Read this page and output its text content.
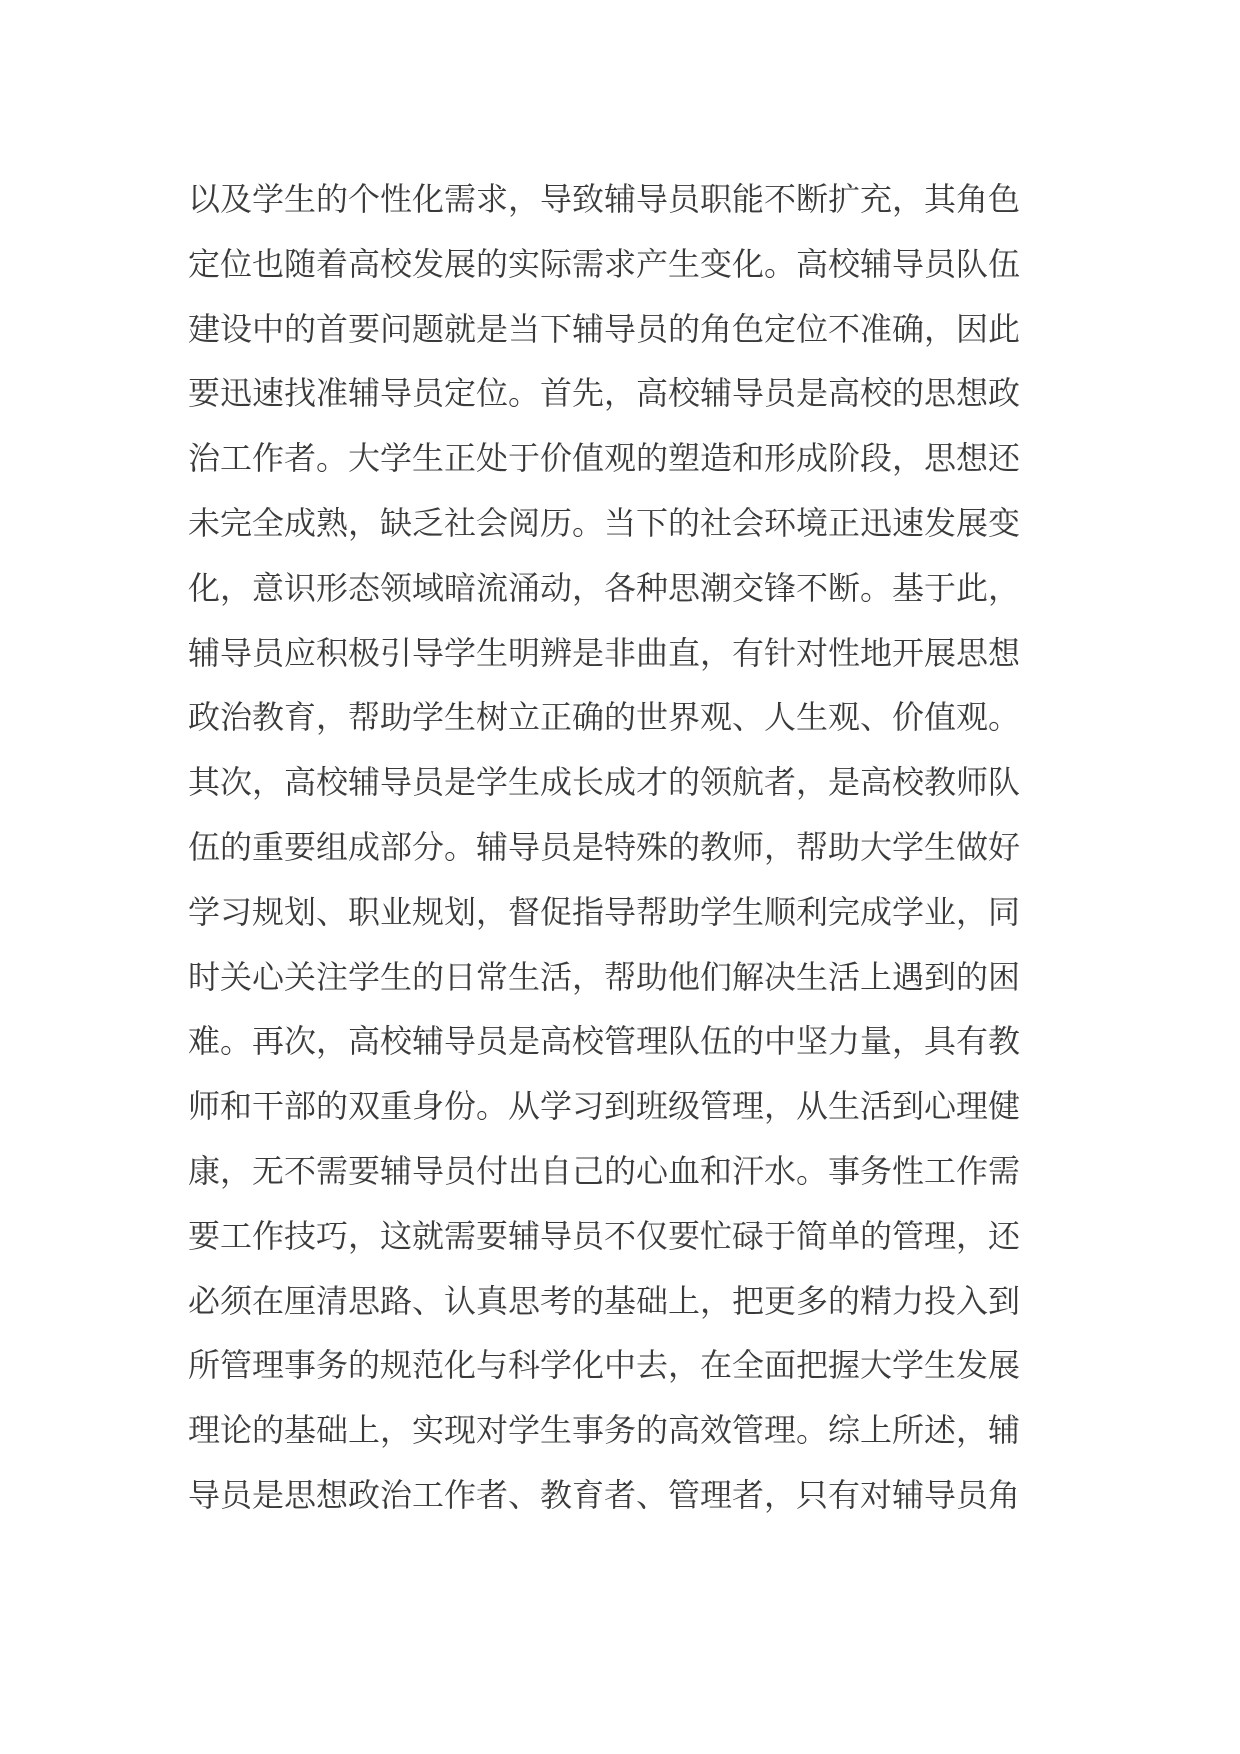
以及学生的个性化需求，导致辅导员职能不断扩充，其角色
定位也随着高校发展的实际需求产生变化。高校辅导员队伍
建设中的首要问题就是当下辅导员的角色定位不准确，因此
要迅速找准辅导员定位。首先，高校辅导员是高校的思想政
治工作者。大学生正处于价值观的塑造和形成阶段，思想还
未完全成熟，缺乏社会阅历。当下的社会环境正迅速发展变
化，意识形态领域暗流涌动，各种思潮交锋不断。基于此，
辅导员应积极引导学生明辨是非曲直，有针对性地开展思想
政治教育，帮助学生树立正确的世界观、人生观、价值观。
其次，高校辅导员是学生成长成才的领航者，是高校教师队
伍的重要组成部分。辅导员是特殊的教师，帮助大学生做好
学习规划、职业规划，督促指导帮助学生顺利完成学业，同
时关心关注学生的日常生活，帮助他们解决生活上遇到的困
难。再次，高校辅导员是高校管理队伍的中坚力量，具有教
师和干部的双重身份。从学习到班级管理，从生活到心理健
康，无不需要辅导员付出自己的心血和汗水。事务性工作需
要工作技巧，这就需要辅导员不仅要忙碌于简单的管理，还
必须在厘清思路、认真思考的基础上，把更多的精力投入到
所管理事务的规范化与科学化中去，在全面把握大学生发展
理论的基础上，实现对学生事务的高效管理。综上所述，辅
导员是思想政治工作者、教育者、管理者，只有对辅导员角
